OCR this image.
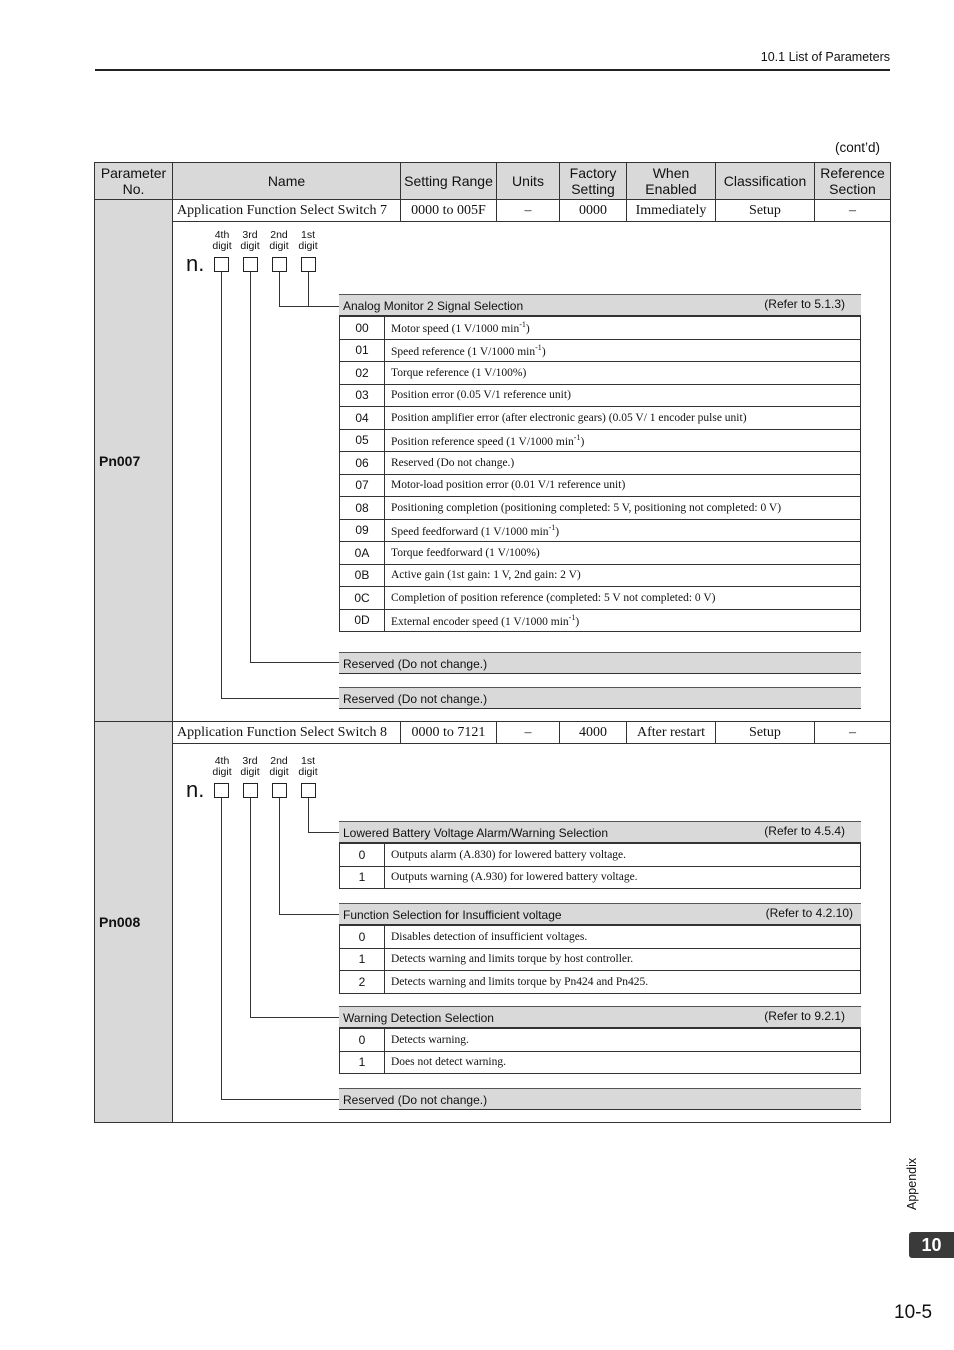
10.1 List of Parameters
(cont’d)
Parameter No.	Name	Setting Range	Units	Factory Setting	When Enabled	Classification	Reference Section
Pn007	Application Function Select Switch 7	0000 to 005F	–	0000	Immediately	Setup	–

4th digit
3rd digit
2nd digit
1st digit
n.
Analog Monitor 2 Signal Selection	(Refer to 5.1.3)
00	Motor speed (1 V/1000 $\min^{-1}$)
01	Speed reference (1 V/1000 $\min^{-1}$)
02	Torque reference (1 V/100%)
03	Position error (0.05 V/1 reference unit)
04	Position amplifier error (after electronic gears) (0.05 V/ 1 encoder pulse unit)
05	Position reference speed (1 V/1000 $\min^{-1}$)
06	Reserved (Do not change.)
07	Motor-load position error (0.01 V/1 reference unit)
08	Positioning completion (positioning completed: 5 V, positioning not completed: 0 V)
09	Speed feedforward (1 V/1000 $\min^{-1}$)
0A	Torque feedforward (1 V/100%)
0B	Active gain (1st gain: 1 V, 2nd gain: 2 V)
0C	Completion of position reference (completed: 5 V not completed: 0 V)
0D	External encoder speed (1 V/1000 $\min^{-1}$)
Reserved (Do not change.)
Reserved (Do not change.)

Pn008	Application Function Select Switch 8	0000 to 7121	–	4000	After restart	Setup	–

4th digit
3rd digit
2nd digit
1st digit
n.
Lowered Battery Voltage Alarm/Warning Selection	(Refer to 4.5.4)
0	Outputs alarm (A.830) for lowered battery voltage.
1	Outputs warning (A.930) for lowered battery voltage.
Function Selection for Insufficient voltage	(Refer to 4.2.10)
0	Disables detection of insufficient voltages.
1	Detects warning and limits torque by host controller.
2	Detects warning and limits torque by Pn424 and Pn425.
Warning Detection Selection	(Refer to 9.2.1)
0	Detects warning.
1	Does not detect warning.
Reserved (Do not change.)
Appendix
10
10-5
